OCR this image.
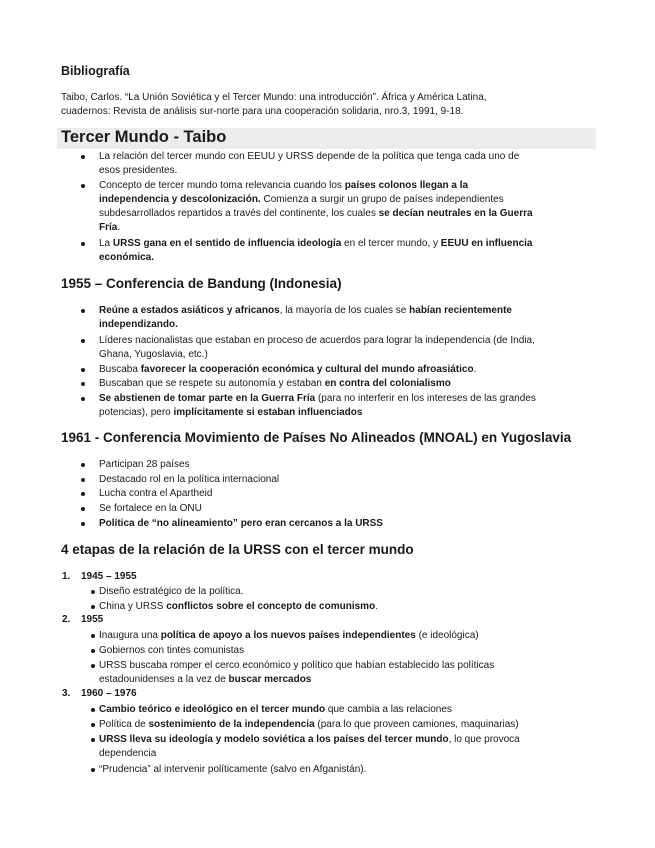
Bibliografía
Taibo, Carlos. “La Unión Soviética y el Tercer Mundo: una introducción”. África y América Latina,
cuadernos: Revista de análisis sur-norte para una cooperación solidaria, nro.3, 1991, 9-18.
Tercer Mundo - Taibo
La relación del tercer mundo con EEUU y URSS depende de la política que tenga cada uno de
esos presidentes.
Concepto de tercer mundo toma relevancia cuando los países colonos llegan a la
independencia y descolonización. Comienza a surgir un grupo de países independientes
subdesarrollados repartidos a través del continente, los cuales se decían neutrales en la Guerra
Fría.
La URSS gana en el sentido de influencia ideología en el tercer mundo, y EEUU en influencia
económica.
1955 – Conferencia de Bandung (Indonesia)
Reúne a estados asiáticos y africanos, la mayoría de los cuales se habían recientemente
independizando.
Líderes nacionalistas que estaban en proceso de acuerdos para lograr la independencia (de India,
Ghana, Yugoslavia, etc.)
Buscaba favorecer la cooperación económica y cultural del mundo afroasiático.
Buscaban que se respete su autonomía y estaban en contra del colonialismo
Se abstienen de tomar parte en la Guerra Fría (para no interferir en los intereses de las grandes
potencias), pero implícitamente si estaban influenciados
1961 - Conferencia Movimiento de Países No Alineados (MNOAL) en Yugoslavia
Participan 28 países
Destacado rol en la política internacional
Lucha contra el Apartheid
Se fortalece en la ONU
Política de “no alineamiento” pero eran cercanos a la URSS
4 etapas de la relación de la URSS con el tercer mundo
1. 1945 – 1955
Diseño estratégico de la política.
China y URSS conflictos sobre el concepto de comunismo.
2. 1955
Inaugura una política de apoyo a los nuevos países independientes (e ideológica)
Gobiernos con tintes comunistas
URSS buscaba romper el cerco económico y político que habían establecido las políticas
estadounidenses a la vez de buscar mercados
3. 1960 – 1976
Cambio teórico e ideológico en el tercer mundo que cambia a las relaciones
Política de sostenimiento de la independencia (para lo que proveen camiones, maquinarias)
URSS lleva su ideología y modelo soviética a los países del tercer mundo, lo que provoca
dependencia
“Prudencia” al intervenir políticamente (salvo en Afganistán).
